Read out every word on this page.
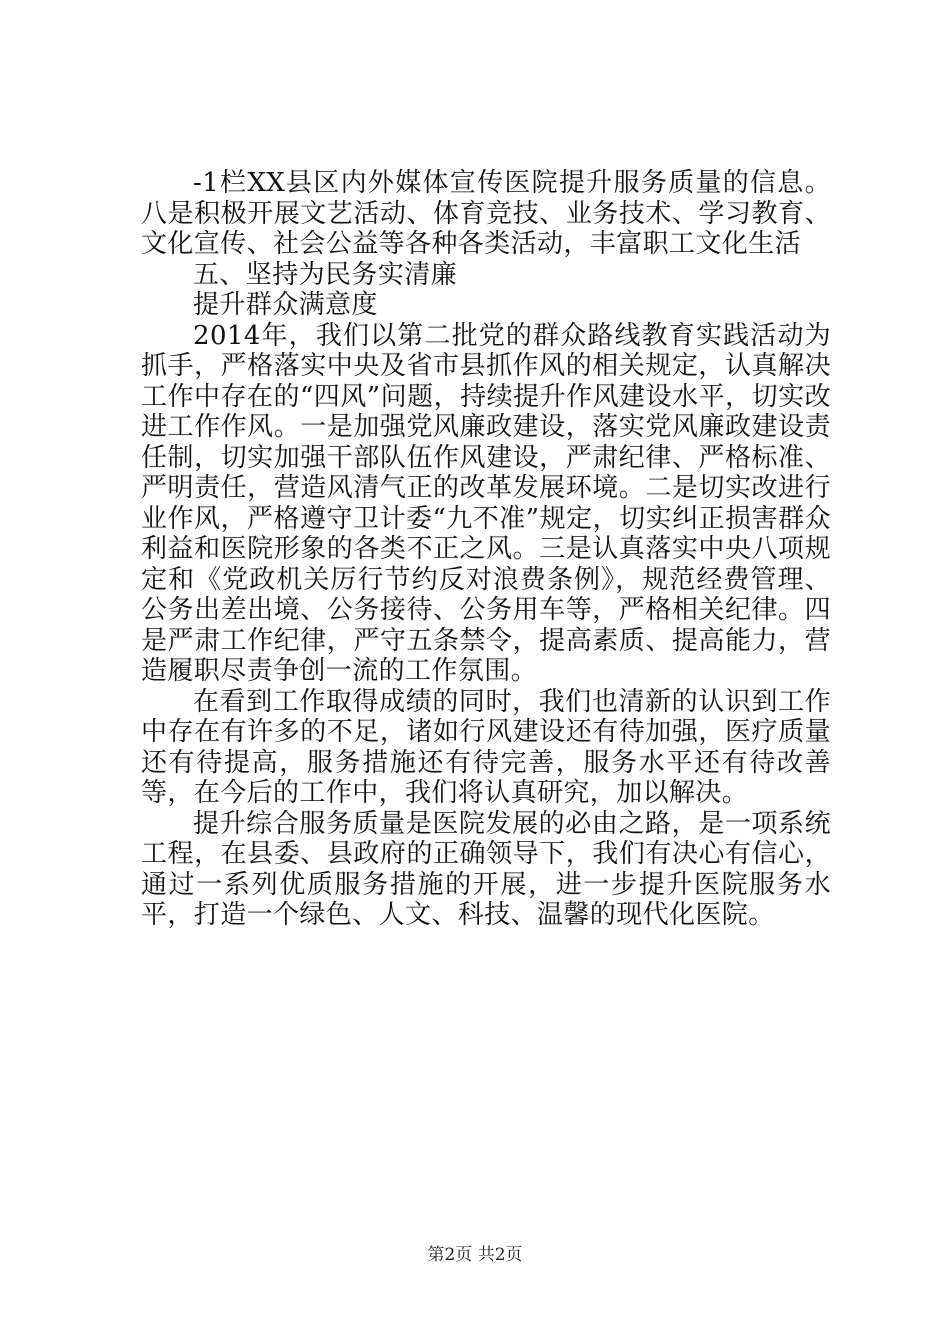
-1栏XX县区内外媒体宣传医院提升服务质量的信息。八是积极开展文艺活动、体育竞技、业务技术、学习教育、文化宣传、社会公益等各种各类活动，丰富职工文化生活

五、坚持为民务实清廉

提升群众满意度

2014年，我们以第二批党的群众路线教育实践活动为抓手，严格落实中央及省市县抓作风的相关规定，认真解决工作中存在的“四风”问题，持续提升作风建设水平，切实改进工作作风。一是加强党风廉政建设，落实党风廉政建设责任制，切实加强干部队伍作风建设，严肃纪律、严格标准、严明责任，营造风清气正的改革发展环境。二是切实改进行业作风，严格遵守卫计委“九不准”规定，切实纠正损害群众利益和医院形象的各类不正之风。三是认真落实中央八项规定和《党政机关厉行节约反对浪费条例》，规范经费管理、公务出差出境、公务接待、公务用车等，严格相关纪律。四是严肃工作纪律，严守五条禁令，提高素质、提高能力，营造履职尽责争创一流的工作氛围。

在看到工作取得成绩的同时，我们也清新的认识到工作中存在有许多的不足，诸如行风建设还有待加强，医疗质量还有待提高，服务措施还有待完善，服务水平还有待改善等，在今后的工作中，我们将认真研究，加以解决。

提升综合服务质量是医院发展的必由之路，是一项系统工程，在县委、县政府的正确领导下，我们有决心有信心，通过一系列优质服务措施的开展，进一步提升医院服务水平，打造一个绿色、人文、科技、温馨的现代化医院。

第2页 共2页
